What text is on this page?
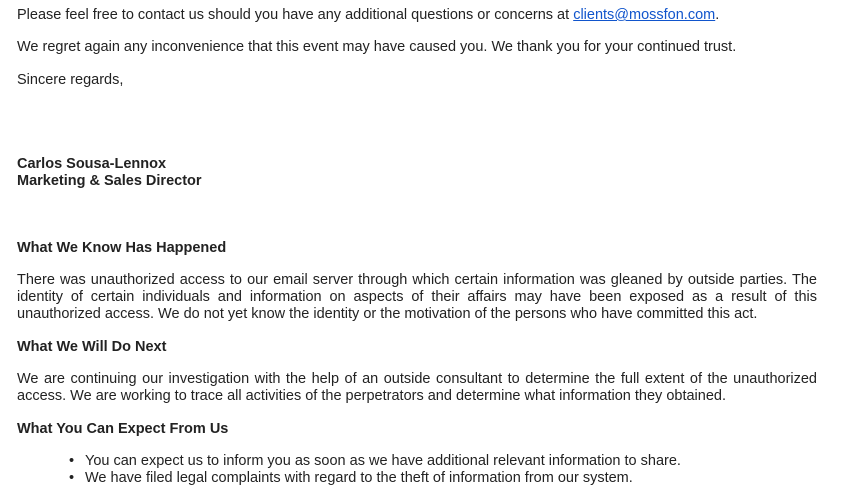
Please feel free to contact us should you have any additional questions or concerns at clients@mossfon.com.

We regret again any inconvenience that this event may have caused you. We thank you for your continued trust.

Sincere regards,

Carlos Sousa-Lennox
Marketing & Sales Director
What We Know Has Happened

There was unauthorized access to our email server through which certain information was gleaned by outside parties. The identity of certain individuals and information on aspects of their affairs may have been exposed as a result of this unauthorized access. We do not yet know the identity or the motivation of the persons who have committed this act.

What We Will Do Next

We are continuing our investigation with the help of an outside consultant to determine the full extent of the unauthorized access. We are working to trace all activities of the perpetrators and determine what information they obtained.

What You Can Expect From Us
• You can expect us to inform you as soon as we have additional relevant information to share.
• We have filed legal complaints with regard to the theft of information from our system.
